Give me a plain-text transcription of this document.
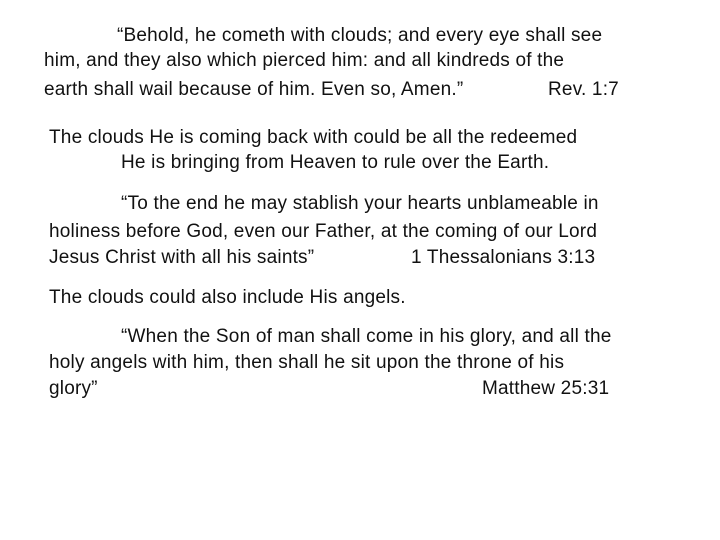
“Behold, he cometh with clouds; and every eye shall see
him, and they also which pierced him: and all kindreds of the
earth shall wail because of him. Even so, Amen.”	Rev. 1:7
The clouds He is coming back with could be all the redeemed
He is bringing from Heaven to rule over the Earth.
“To the end he may stablish your hearts unblameable in
holiness before God, even our Father, at the coming of our Lord
Jesus Christ with all his saints”	1 Thessalonians 3:13
The clouds could also include His angels.
“When the Son of man shall come in his glory, and all the
holy angels with him, then shall he sit upon the throne of his
glory”	Matthew 25:31
